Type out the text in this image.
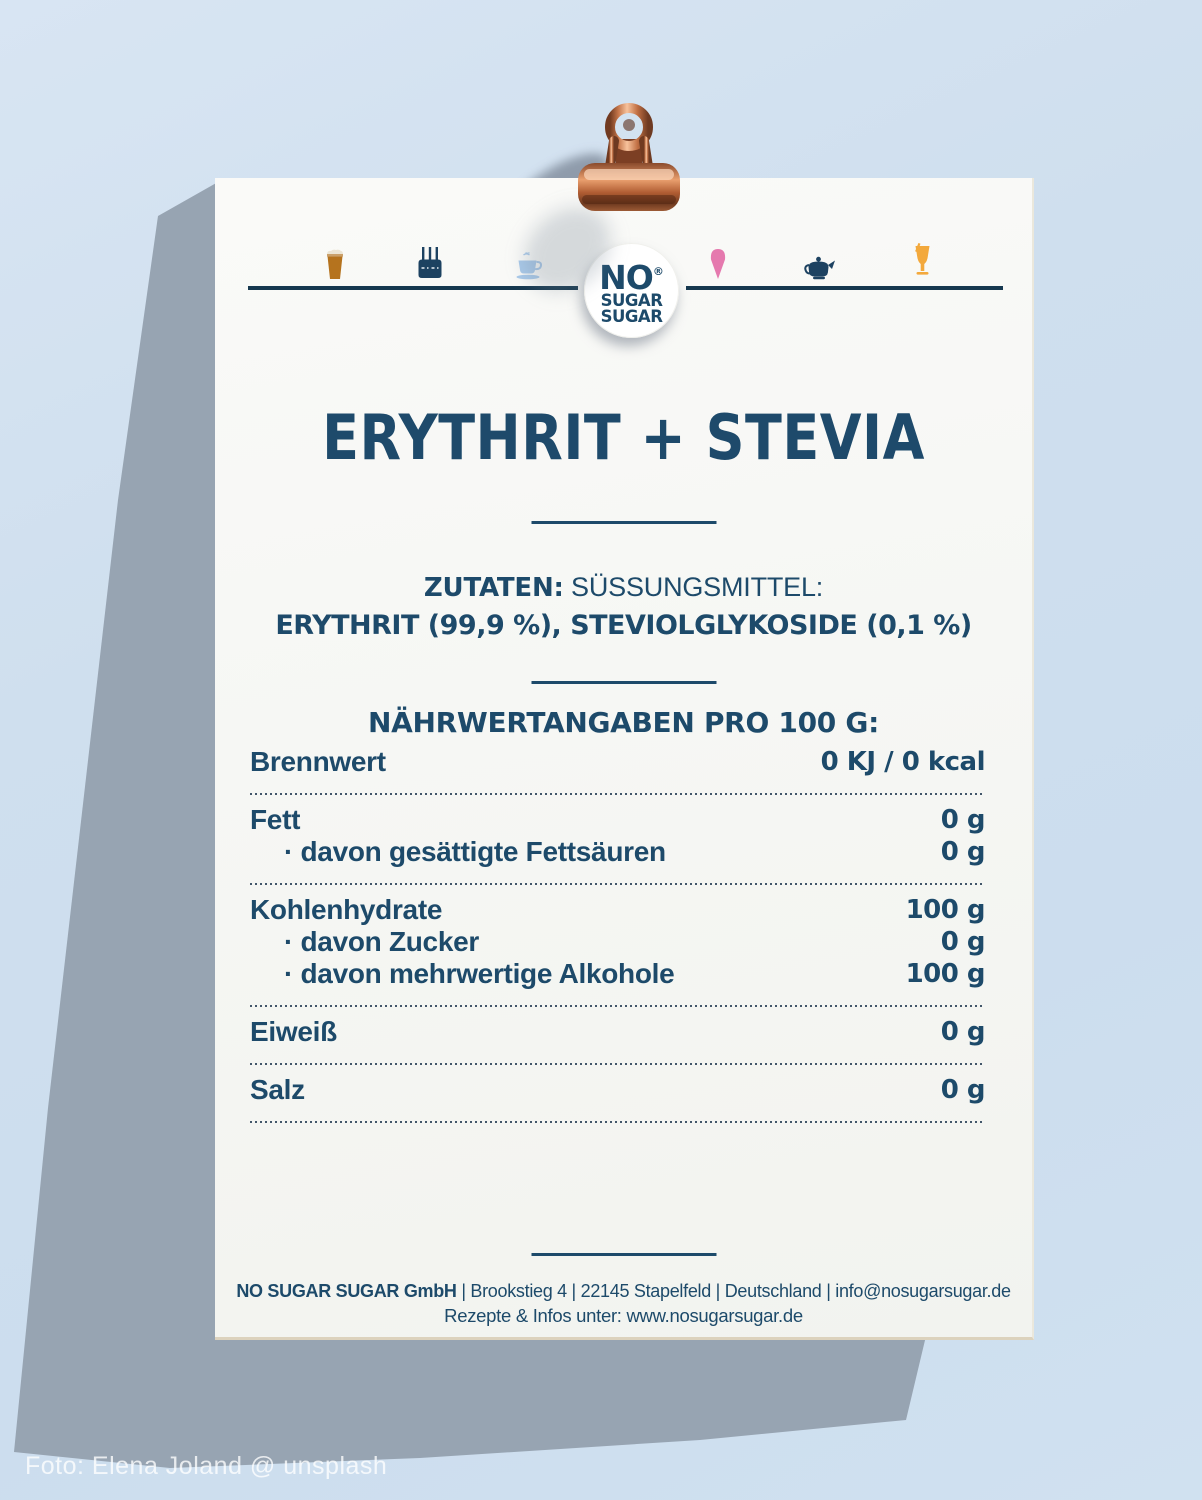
NO®
SUGAR
SUGAR
ERYTHRIT + STEVIA
ZUTATEN: SÜSSUNGSMITTEL:
ERYTHRIT (99,9 %), STEVIOLGLYKOSIDE (0,1 %)
NÄHRWERTANGABEN PRO 100 G:
Brennwert	0 KJ / 0 kcal
Fett	0 g
· davon gesättigte Fettsäuren	0 g
Kohlenhydrate	100 g
· davon Zucker	0 g
· davon mehrwertige Alkohole	100 g
Eiweiß	0 g
Salz	0 g
NO SUGAR SUGAR GmbH | Brookstieg 4 | 22145 Stapelfeld | Deutschland | info@nosugarsugar.de
Rezepte & Infos unter: www.nosugarsugar.de
Foto: Elena Joland @ unsplash
